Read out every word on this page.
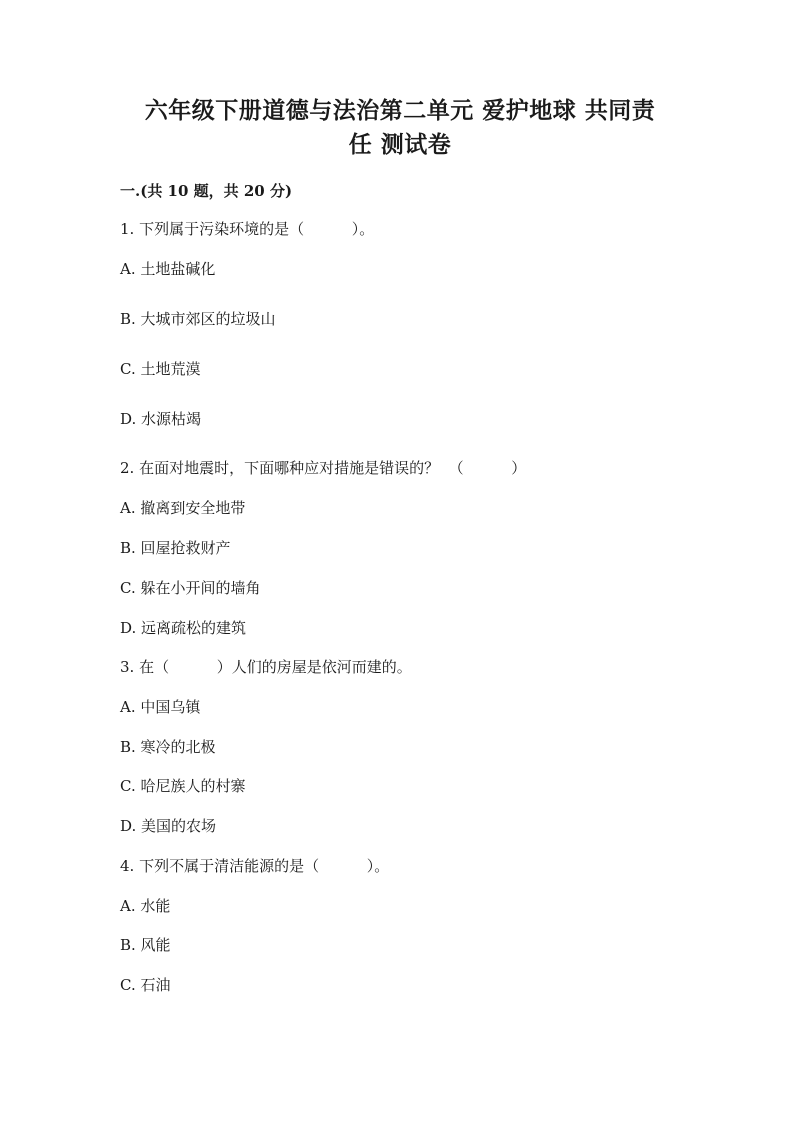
六年级下册道德与法治第二单元 爱护地球 共同责
任 测试卷
一.(共 10 题，共 20 分)
1. 下列属于污染环境的是（          ）。
A. 土地盐碱化
B. 大城市郊区的垃圾山
C. 土地荒漠
D. 水源枯竭
2. 在面对地震时，下面哪种应对措施是错误的？  （          ）
A. 撤离到安全地带
B. 回屋抢救财产
C. 躲在小开间的墙角
D. 远离疏松的建筑
3. 在（          ）人们的房屋是依河而建的。
A. 中国乌镇
B. 寒冷的北极
C. 哈尼族人的村寨
D. 美国的农场
4. 下列不属于清洁能源的是（          ）。
A. 水能
B. 风能
C. 石油
